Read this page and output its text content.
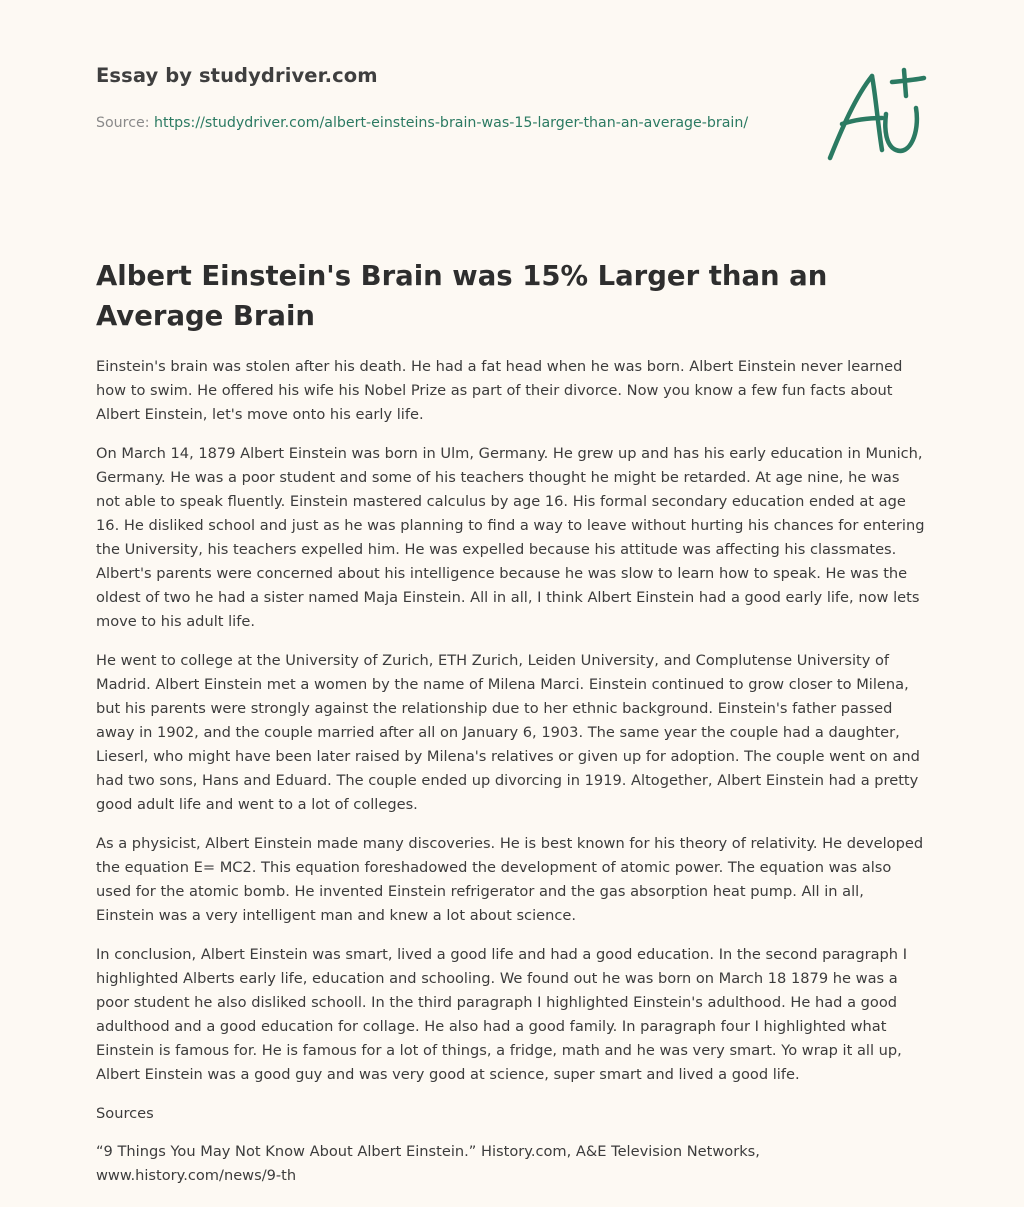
Essay by studydriver.com
Source: https://studydriver.com/albert-einsteins-brain-was-15-larger-than-an-average-brain/
Albert Einstein's Brain was 15% Larger than an Average Brain

Einstein's brain was stolen after his death. He had a fat head when he was born. Albert Einstein never learned how to swim. He offered his wife his Nobel Prize as part of their divorce. Now you know a few fun facts about Albert Einstein, let's move onto his early life.

On March 14, 1879 Albert Einstein was born in Ulm, Germany. He grew up and has his early education in Munich, Germany. He was a poor student and some of his teachers thought he might be retarded. At age nine, he was not able to speak fluently. Einstein mastered calculus by age 16. His formal secondary education ended at age 16. He disliked school and just as he was planning to find a way to leave without hurting his chances for entering the University, his teachers expelled him. He was expelled because his attitude was affecting his classmates. Albert's parents were concerned about his intelligence because he was slow to learn how to speak. He was the oldest of two he had a sister named Maja Einstein. All in all, I think Albert Einstein had a good early life, now lets move to his adult life.

He went to college at the University of Zurich, ETH Zurich, Leiden University, and Complutense University of Madrid. Albert Einstein met a women by the name of Milena Marci. Einstein continued to grow closer to Milena, but his parents were strongly against the relationship due to her ethnic background. Einstein's father passed away in 1902, and the couple married after all on January 6, 1903. The same year the couple had a daughter, Lieserl, who might have been later raised by Milena's relatives or given up for adoption. The couple went on and had two sons, Hans and Eduard. The couple ended up divorcing in 1919. Altogether, Albert Einstein had a pretty good adult life and went to a lot of colleges.

As a physicist, Albert Einstein made many discoveries. He is best known for his theory of relativity. He developed the equation E= MC2. This equation foreshadowed the development of atomic power. The equation was also used for the atomic bomb. He invented Einstein refrigerator and the gas absorption heat pump. All in all, Einstein was a very intelligent man and knew a lot about science.

In conclusion, Albert Einstein was smart, lived a good life and had a good education. In the second paragraph I highlighted Alberts early life, education and schooling. We found out he was born on March 18 1879 he was a poor student he also disliked schooll. In the third paragraph I highlighted Einstein's adulthood. He had a good adulthood and a good education for collage. He also had a good family. In paragraph four I highlighted what Einstein is famous for. He is famous for a lot of things, a fridge, math and he was very smart. Yo wrap it all up, Albert Einstein was a good guy and was very good at science, super smart and lived a good life.

Sources

“9 Things You May Not Know About Albert Einstein.” History.com, A&E Television Networks, www.history.com/news/9-th
